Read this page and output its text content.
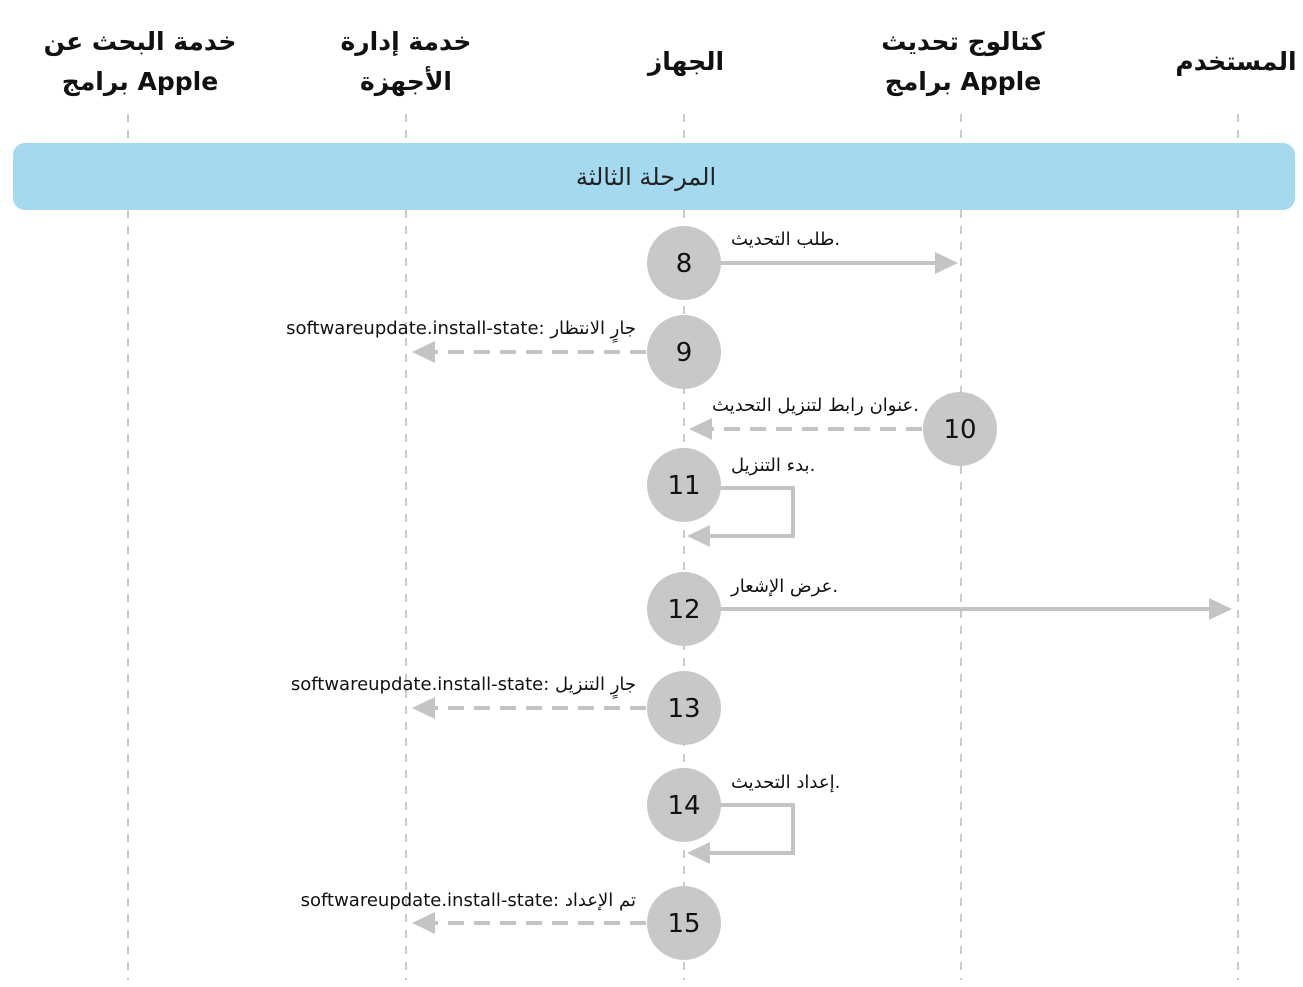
خدمة البحث عن
برامج Apple
خدمة إدارة
الأجهزة
الجهاز
كتالوج تحديث
برامج Apple
المستخدم
المرحلة الثالثة
طلب التحديث.
softwareupdate.install-state: جارٍ الانتظار
عنوان رابط لتنزيل التحديث.
بدء التنزيل.
عرض الإشعار.
softwareupdate.install-state: جارٍ التنزيل
إعداد التحديث.
softwareupdate.install-state: تم الإعداد
8
9
10
11
12
13
14
15
